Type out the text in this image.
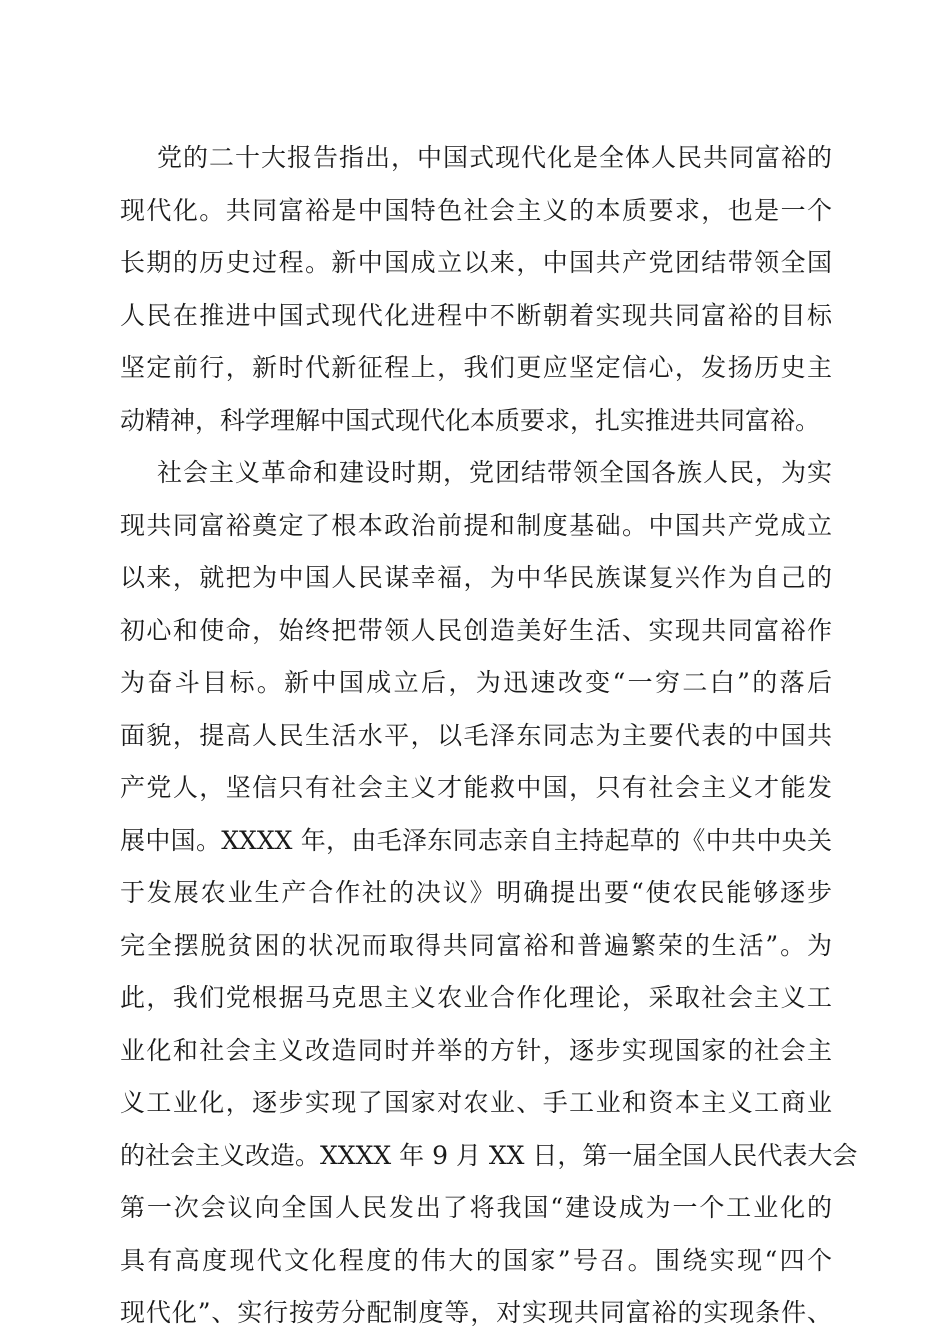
党的二十大报告指出，中国式现代化是全体人民共同富裕的
现代化。共同富裕是中国特色社会主义的本质要求，也是一个
长期的历史过程。新中国成立以来，中国共产党团结带领全国
人民在推进中国式现代化进程中不断朝着实现共同富裕的目标
坚定前行，新时代新征程上，我们更应坚定信心，发扬历史主
动精神，科学理解中国式现代化本质要求，扎实推进共同富裕。
社会主义革命和建设时期，党团结带领全国各族人民，为实
现共同富裕奠定了根本政治前提和制度基础。中国共产党成立
以来，就把为中国人民谋幸福，为中华民族谋复兴作为自己的
初心和使命，始终把带领人民创造美好生活、实现共同富裕作
为奋斗目标。新中国成立后，为迅速改变“一穷二白”的落后
面貌，提高人民生活水平，以毛泽东同志为主要代表的中国共
产党人，坚信只有社会主义才能救中国，只有社会主义才能发
展中国。XXXX 年，由毛泽东同志亲自主持起草的《中共中央关
于发展农业生产合作社的决议》明确提出要“使农民能够逐步
完全摆脱贫困的状况而取得共同富裕和普遍繁荣的生活”。为
此，我们党根据马克思主义农业合作化理论，采取社会主义工
业化和社会主义改造同时并举的方针，逐步实现国家的社会主
义工业化，逐步实现了国家对农业、手工业和资本主义工商业
的社会主义改造。XXXX 年 9 月 XX 日，第一届全国人民代表大会
第一次会议向全国人民发出了将我国“建设成为一个工业化的
具有高度现代文化程度的伟大的国家”号召。围绕实现“四个
现代化”、实行按劳分配制度等，对实现共同富裕的实现条件、
